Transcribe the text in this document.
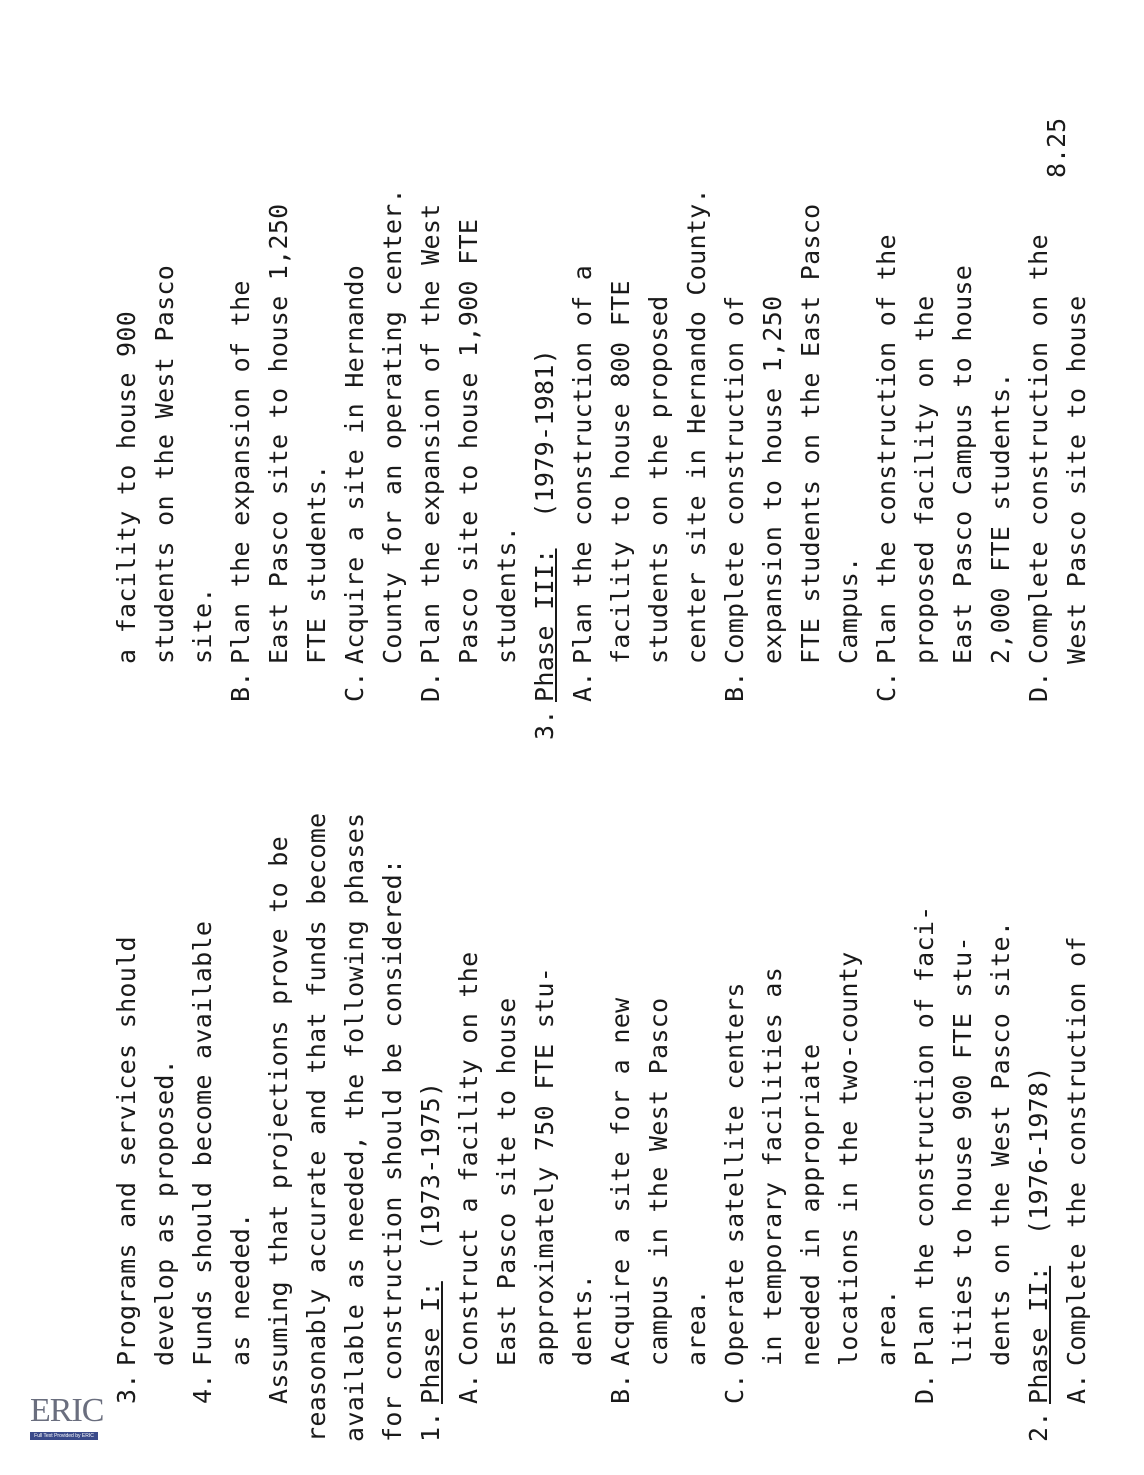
ERIC
Full Text Provided by ERIC
3.Programs and services should develop as proposed.
4.Funds should become available as needed. Assuming that projections prove to be reasonably accurate and that funds become available as needed, the following phases for construction should be considered: 1.Phase I:  (1973-1975)
A.Construct a facility on the East Pasco site to house approximately 750 FTE stu- dents.
B.Acquire a site for a new campus in the West Pasco area.
C.Operate satellite centers in temporary facilities as needed in appropriate locations in the two-county area.
D.Plan the construction of faci- lities to house 900 FTE stu- dents on the West Pasco site.
2.Phase II:  (1976-1978)
A.Complete the construction of
a facility to house 900 students on the West Pasco site.
B.Plan the expansion of the East Pasco site to house 1,250 FTE students.
C.Acquire a site in Hernando County for an operating center.
D.Plan the expansion of the West Pasco site to house 1,900 FTE students.
3.Phase III:  (1979-1981)
A.Plan the construction of a facility to house 800 FTE students on the proposed center site in Hernando County.
B.Complete construction of expansion to house 1,250 FTE students on the East Pasco Campus.
C.Plan the construction of the proposed facility on the East Pasco Campus to house 2,000 FTE students.
D.Complete construction on the West Pasco site to house
8.25
